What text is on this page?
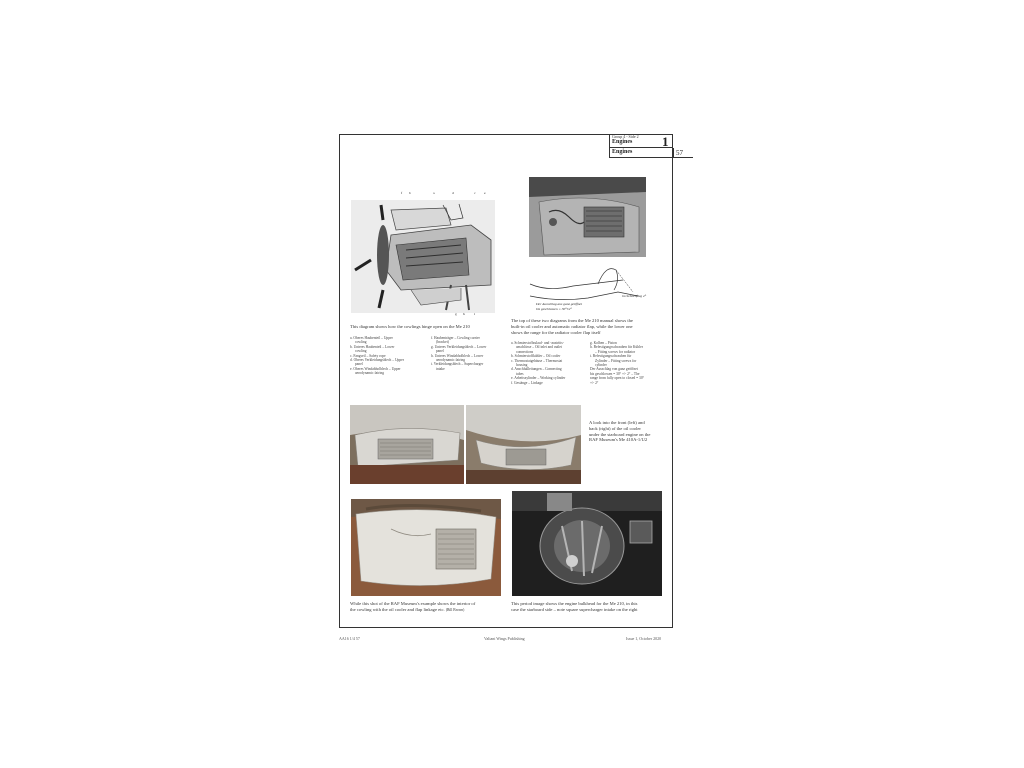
Group 4 - Side 2
Engines 1
Engines	57
f b	a	d	c e
g h	i
This diagram shows how the cowlings hinge open on the Me 210
a. Oberes Haubenteil – Upper
cowling
b. Unteres Haubenteil – Lower
cowling
c. Fangseil – Safety rope
d. Oberes Verkleidungsblech – Upper
panel
e. Oberes Windabholblech – Upper
aerodynamic fairing
f. Haubenträger – Cowling carrier
(bracket)
g. Unteres Verkleidungsblech – Lower
panel
h. Unteres Windabholblech – Lower
aerodynamic fairing
i. Verkleidungsblech – Supercharger
intake
Der Ausschlag aus ganz geöffnet
bis geschlossen = 30°±2°
im Schnellflug 2°
The top of these two diagrams from the Me 210 manual shows the
built-in oil cooler and automatic radiator flap, while the lower one
shows the range for the radiator cooler flap itself
a. Schmierstoffzulauf- und -austritts-
anschlüsse – Oil inlet and outlet
connections
b. Schmierstoffkühler – Oil cooler
c. Thermostatgehäuse – Thermostat
housing
d. Anschlußleitungen – Connecting
tubes
e. Arbeitszylinder – Working cylinder
f. Gestänge – Linkage
g. Kolben – Piston
h. Befestigungsschrauben für Kühler
– Fitting screws for radiator
i. Befestigungsschrauben für
Zylinder – Fitting screws for
cylinder
Der Ausschlag von ganz geöffnet
bis geschlossen = 30° +/- 2° – The
range from fully open to closed = 30°
+/- 2°
A look into the front (left) and
back (right) of the oil cooler
under the starboard engine on the
RAF Museum's Me 410A-1/U2
While this shot of the RAF Museum's example shows the interior of
the cowling with the oil cooler and flap linkage etc. (Bill Brown)
This period image shows the engine bulkhead for the Me 210, in this
case the starboard side – note square supercharger intake on the right
AA16 1/4 57	Valiant Wings Publishing	Issue 1, October 2020
